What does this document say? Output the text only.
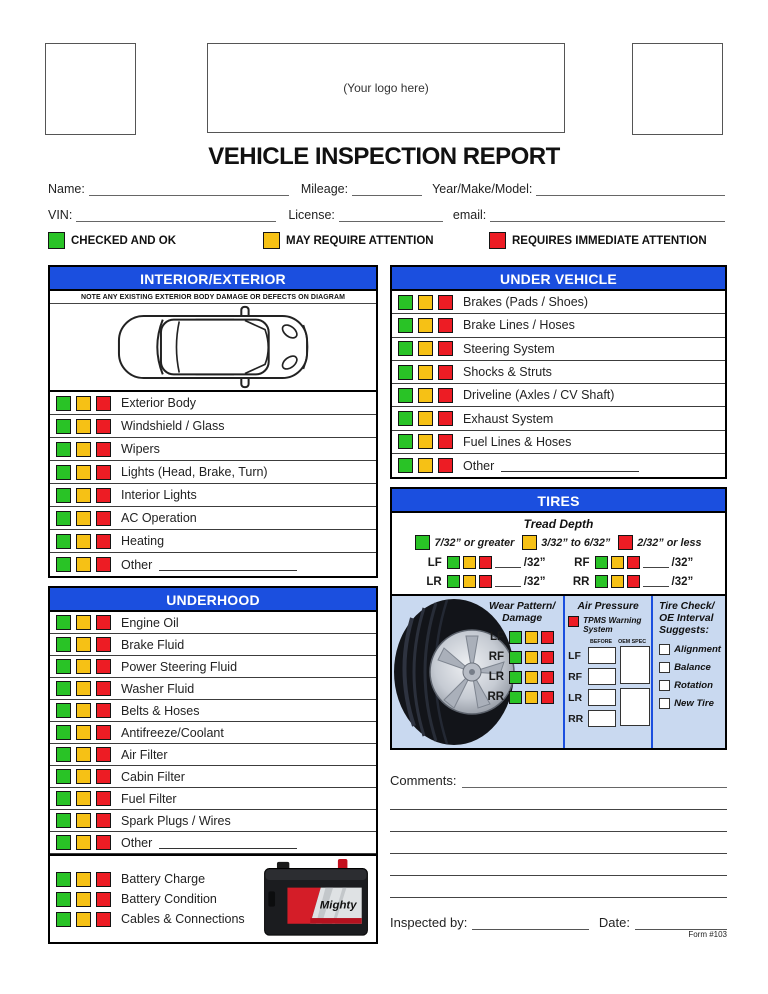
(Your logo here)
VEHICLE INSPECTION REPORT
Name:	Mileage:	Year/Make/Model:
VIN:	License:	email:
CHECKED AND OK	MAY REQUIRE ATTENTION	REQUIRES IMMEDIATE ATTENTION
INTERIOR/EXTERIOR
NOTE ANY EXISTING EXTERIOR BODY DAMAGE OR DEFECTS ON DIAGRAM
Exterior Body
Windshield / Glass
Wipers
Lights (Head, Brake, Turn)
Interior Lights
AC Operation
Heating
Other
UNDERHOOD
Engine Oil
Brake Fluid
Power Steering Fluid
Washer Fluid
Belts & Hoses
Antifreeze/Coolant
Air Filter
Cabin Filter
Fuel Filter
Spark Plugs / Wires
Other
Battery Charge
Battery Condition
Cables & Connections
Mighty
UNDER VEHICLE
Brakes (Pads / Shoes)
Brake Lines / Hoses
Steering System
Shocks & Struts
Driveline (Axles / CV Shaft)
Exhaust System
Fuel Lines & Hoses
Other
TIRES
Tread Depth
7/32” or greater	3/32” to 6/32”	2/32” or less
LF	/32” RF	/32”
LR	/32” RR	/32”
Wear Pattern/
Damage
LF
RF
LR
RR
Air Pressure
TPMS Warning System
BEFORE	OEM SPEC
LF
RF
LR
RR
Tire Check/
OE Interval
Suggests:
Alignment
Balance
Rotation
New Tire
Comments:
Inspected by:	Date:
Form #103
